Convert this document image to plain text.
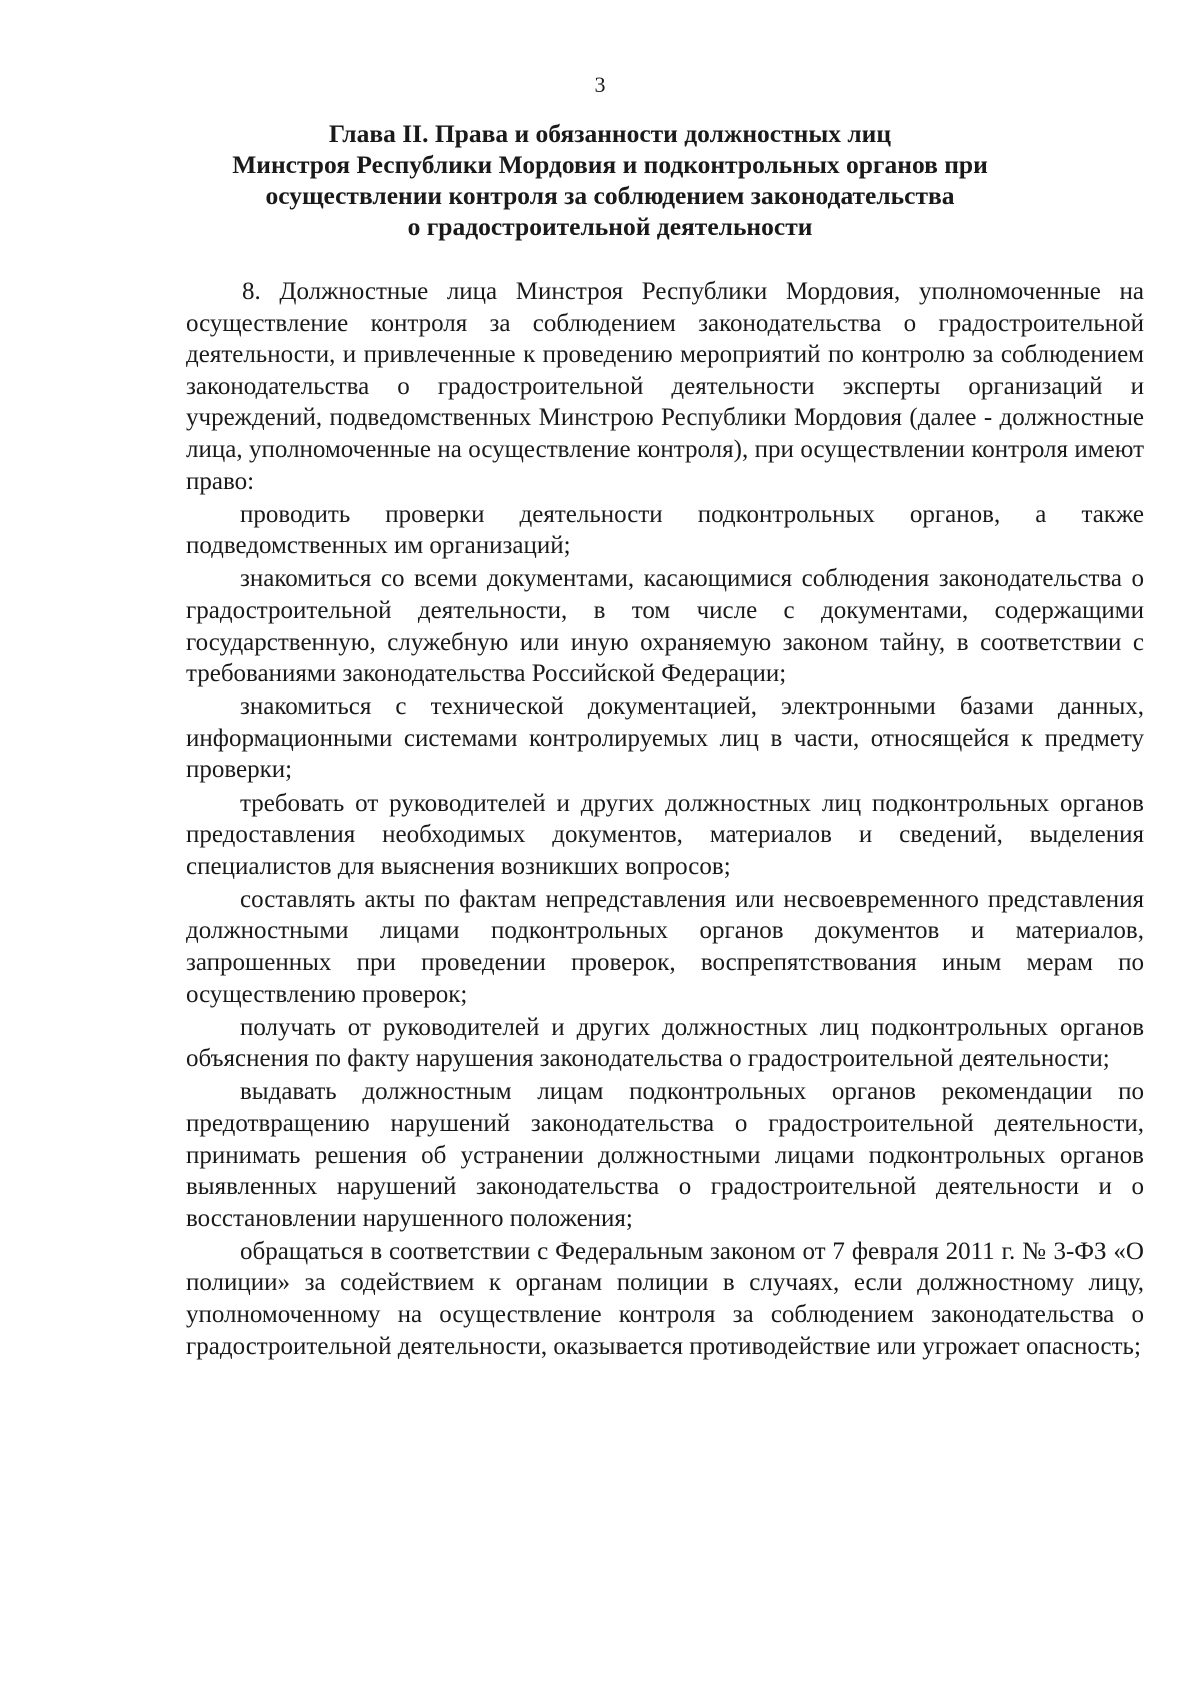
3
Глава II. Права и обязанности должностных лиц
Минстроя Республики Мордовия и подконтрольных органов при
осуществлении контроля за соблюдением законодательства
о градостроительной деятельности

8. Должностные лица Минстроя Республики Мордовия, уполномоченные на осуществление контроля за соблюдением законодательства о градостроительной деятельности, и привлеченные к проведению мероприятий по контролю за соблюдением законодательства о градостроительной деятельности эксперты организаций и учреждений, подведомственных Минстрою Республики Мордовия (далее - должностные лица, уполномоченные на осуществление контроля), при осуществлении контроля имеют право:

проводить проверки деятельности подконтрольных органов, а также подведомственных им организаций;

знакомиться со всеми документами, касающимися соблюдения законодательства о градостроительной деятельности, в том числе с документами, содержащими государственную, служебную или иную охраняемую законом тайну, в соответствии с требованиями законодательства Российской Федерации;

знакомиться с технической документацией, электронными базами данных, информационными системами контролируемых лиц в части, относящейся к предмету проверки;

требовать от руководителей и других должностных лиц подконтрольных органов предоставления необходимых документов, материалов и сведений, выделения специалистов для выяснения возникших вопросов;

составлять акты по фактам непредставления или несвоевременного представления должностными лицами подконтрольных органов документов и материалов, запрошенных при проведении проверок, воспрепятствования иным мерам по осуществлению проверок;

получать от руководителей и других должностных лиц подконтрольных органов объяснения по факту нарушения законодательства о градостроительной деятельности;

выдавать должностным лицам подконтрольных органов рекомендации по предотвращению нарушений законодательства о градостроительной деятельности, принимать решения об устранении должностными лицами подконтрольных органов выявленных нарушений законодательства о градостроительной деятельности и о восстановлении нарушенного положения;

обращаться в соответствии с Федеральным законом от 7 февраля 2011 г. № 3-ФЗ «О полиции» за содействием к органам полиции в случаях, если должностному лицу, уполномоченному на осуществление контроля за соблюдением законодательства о градостроительной деятельности, оказывается противодействие или угрожает опасность;
